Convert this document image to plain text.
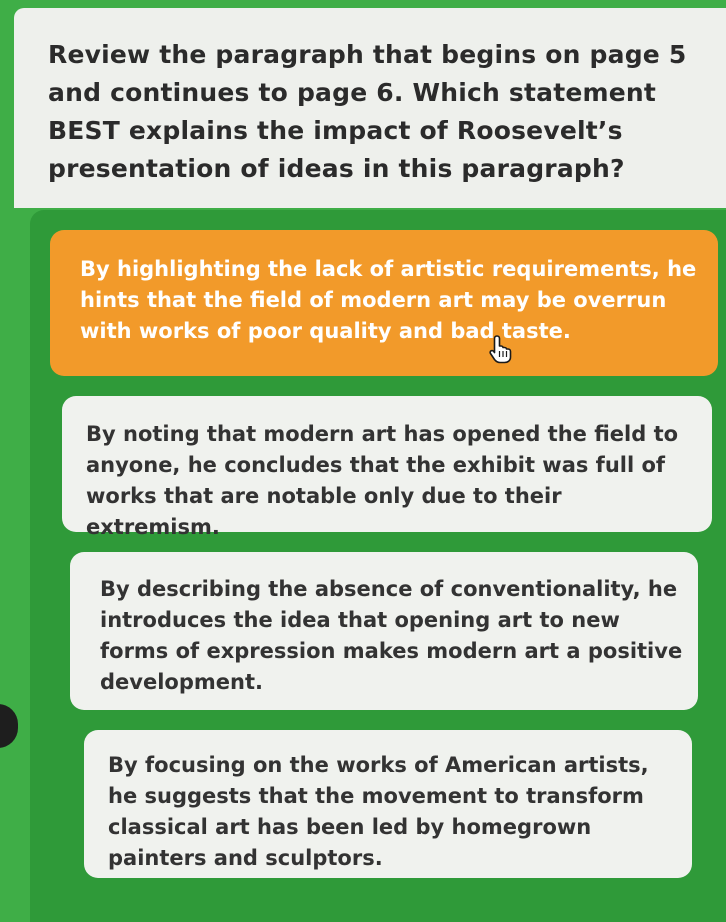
Review the paragraph that begins on page 5 and continues to page 6. Which statement BEST explains the impact of Roosevelt’s presentation of ideas in this paragraph?

By highlighting the lack of artistic requirements, he hints that the field of modern art may be overrun with works of poor quality and bad taste.
By noting that modern art has opened the field to anyone, he concludes that the exhibit was full of works that are notable only due to their extremism.
By describing the absence of conventionality, he introduces the idea that opening art to new forms of expression makes modern art a positive development.
By focusing on the works of American artists, he suggests that the movement to transform classical art has been led by homegrown painters and sculptors.
